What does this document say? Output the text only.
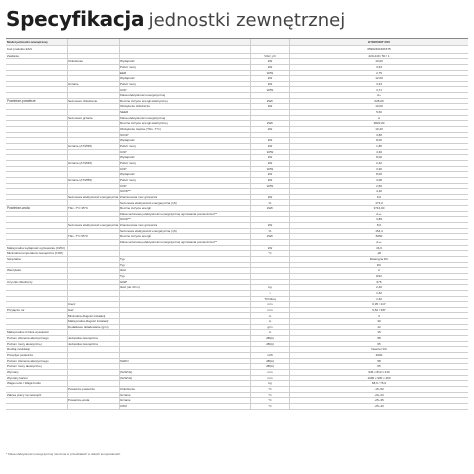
Specyfikacja jednostki zewnętrznej
Model jednostki zewnętrznej	HYDROKIT R15
Kod produktu EAN	05902401601575
Zasilanie	V/Hz, ph	220-240 / 50 / 1
Chłodzenie	Wydajność	kW	10,00
Pobór mocy	kW	3,63
EER	W/W	2,75
Wydajność	kW	12,00
Grzanie	Pobór mocy	kW	3,23
COP	W/W	3,71
Klasa efektywności energetycznej	A+
Sezonowo chłodzenie	Roczne zużycie energii elektrycznej	kWh	628,00
Obciążenie chłodnicze	kW	10,00
SEER	5,60
Sezonowo grzanie	Klasa efektywności energetycznej	A
Roczne zużycie energii elektrycznej	kWh	3820,00
Obciążenie cieplne (Tbiv -7°C)	kW	10,40
SCOP	3,80
Wydajność	kW	8,00
Grzanie (A7/W35)	Pobór mocy	kW	1,86
COP	W/W	4,30
Wydajność	kW	8,00
Grzanie (A7/W45)	Pobór mocy	kW	2,42
COP	W/W	3,30
Wydajność	kW	8,00
Grzanie (A7/W55)	Pobór mocy	kW	3,08
COP	W/W	2,60
SCOP**	4,40
Sezonowa efektywność energetyczna Znamionowa moc grzewcza	kW	9,0
Sezonowa efektywność energetyczna (ηS)	%	173,0
Tbiv -7°C 35°C	Roczne zużycie energii	kWh	3716,00
Klasa sezonowej efektywności energetycznej ogrzewania pomieszczeń**	A++
SCOP**	3,89
Sezonowa efektywność energetyczna Znamionowa moc grzewcza	kW	8,0
Sezonowa efektywność energetyczna (ηS)	%	154,4
Tbiv -7°C 55°C	Roczne zużycie energii	kWh	5050
Klasa sezonowej efektywności energetycznej ogrzewania pomieszczeń**	A++
Maksymalna wydajność ogrzewania (CWU)	kW	16,0
Minimalna temperatura zewnętrzna (COP)	°C	-20
Sprężarka	Typ	Rotacyjna DC
Typ	DC
Wentylator	Ilość	2
Typ	R32
Czynnik chłodniczy	GWP	675
Ilość (do 30 m)	kg	2,40
t	1,62
TCO2eq	1,62
Ciecz	mm	6,35 / 1/4"
Przyłącze rur	Gaz	mm	9,52 / 3/8"
Minimalna długość instalacji	m	3
Maksymalna długość instalacji	m	30
Dodatkowe doładowanie (g/m)	g/m	12
Maksymalna różnica wysokości	m	15
Poziom ciśnienia akustycznego	Jednostka zewnętrzna	dB(A)	58
Poziom mocy akustycznej	Jednostka zewnętrzna	dB(A)	65
Rodzaj modulacji	Inwerter DC
Przepływ powietrza	m³/h	4000
Poziom ciśnienia akustycznego	SHRO	dB(A)	58
Poziom mocy akustycznej	dB(A)	65
Wymiary	(SxWxG)	mm	946 x 810 x 410
Wymiary karton	(SxWxG)	mm	1090 x 900 x 460
Waga netto / Waga brutto	kg	68,6 / 76,6
Powietrze-powietrze	Chłodzenie	°C	-15~50
Zakres pracy na zewnątrz	Grzanie	°C	-20~24
Powietrze-woda	Grzanie	°C	-25~35
CWU	°C	-25~43
Powietrze-powietrze
Powietrze-woda
* Klasa efektywności energetycznej mierzona w przedziałach w niskich temperaturach.
